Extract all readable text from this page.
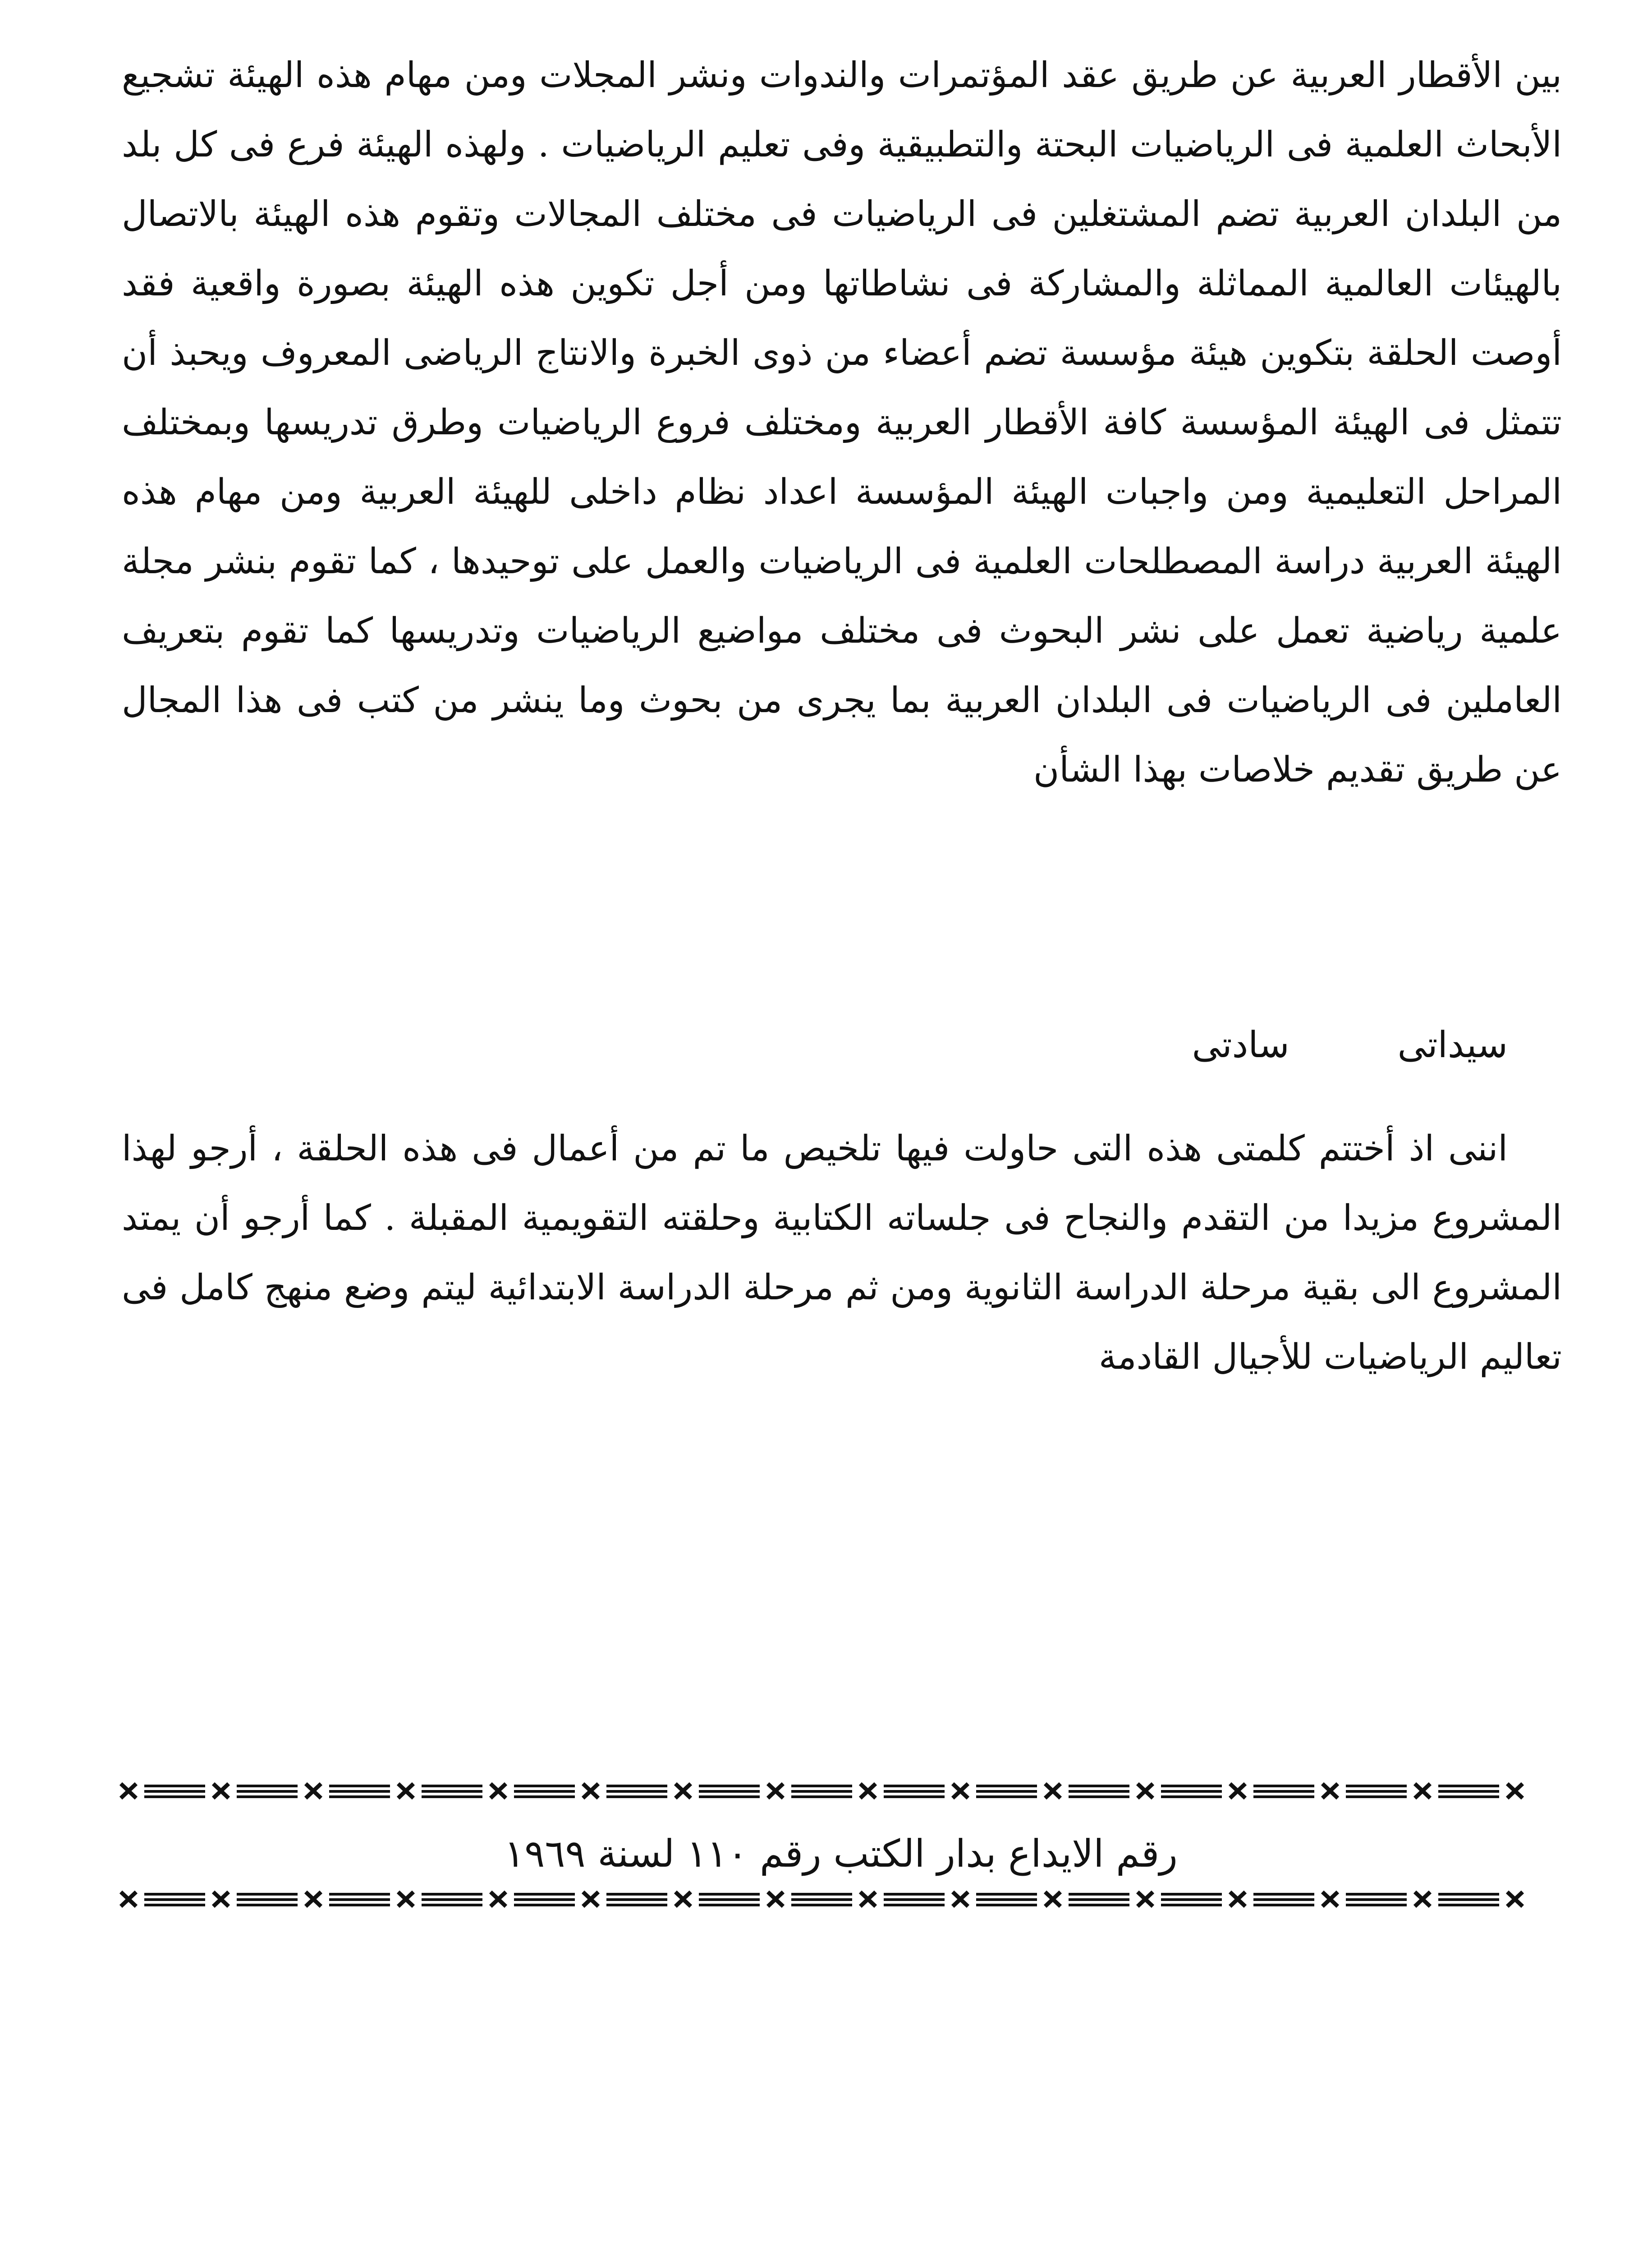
بين الأقطار العربية عن طريق عقد المؤتمرات والندوات ونشر المجلات ومن مهام هذه الهيئة تشجيع الأبحاث العلمية فى الرياضيات البحتة والتطبيقية وفى تعليم الرياضيات . ولهذه الهيئة فرع فى كل بلد من البلدان العربية تضم المشتغلين فى الرياضيات فى مختلف المجالات وتقوم هذه الهيئة بالاتصال بالهيئات العالمية المماثلة والمشاركة فى نشاطاتها ومن أجل تكوين هذه الهيئة بصورة واقعية فقد أوصت الحلقة بتكوين هيئة مؤسسة تضم أعضاء من ذوى الخبرة والانتاج الرياضى المعروف ويحبذ أن تتمثل فى الهيئة المؤسسة كافة الأقطار العربية ومختلف فروع الرياضيات وطرق تدريسها وبمختلف المراحل التعليمية ومن واجبات الهيئة المؤسسة اعداد نظام داخلى للهيئة العربية ومن مهام هذه الهيئة العربية دراسة المصطلحات العلمية فى الرياضيات والعمل على توحيدها ، كما تقوم بنشر مجلة علمية رياضية تعمل على نشر البحوث فى مختلف مواضيع الرياضيات وتدريسها كما تقوم بتعريف العاملين فى الرياضيات فى البلدان العربية بما يجرى من بحوث وما ينشر من كتب فى هذا المجال عن طريق تقديم خلاصات بهذا الشأن

سيداتىسادتى

اننى اذ أختتم كلمتى هذه التى حاولت فيها تلخيص ما تم من أعمال فى هذه الحلقة ، أرجو لهذا المشروع مزيدا من التقدم والنجاح فى جلساته الكتابية وحلقته التقويمية المقبلة . كما أرجو أن يمتد المشروع الى بقية مرحلة الدراسة الثانوية ومن ثم مرحلة الدراسة الابتدائية ليتم وضع منهج كامل فى تعاليم الرياضيات للأجيال القادمة

رقم الايداع بدار الكتب رقم ١١٠ لسنة ١٩٦٩
